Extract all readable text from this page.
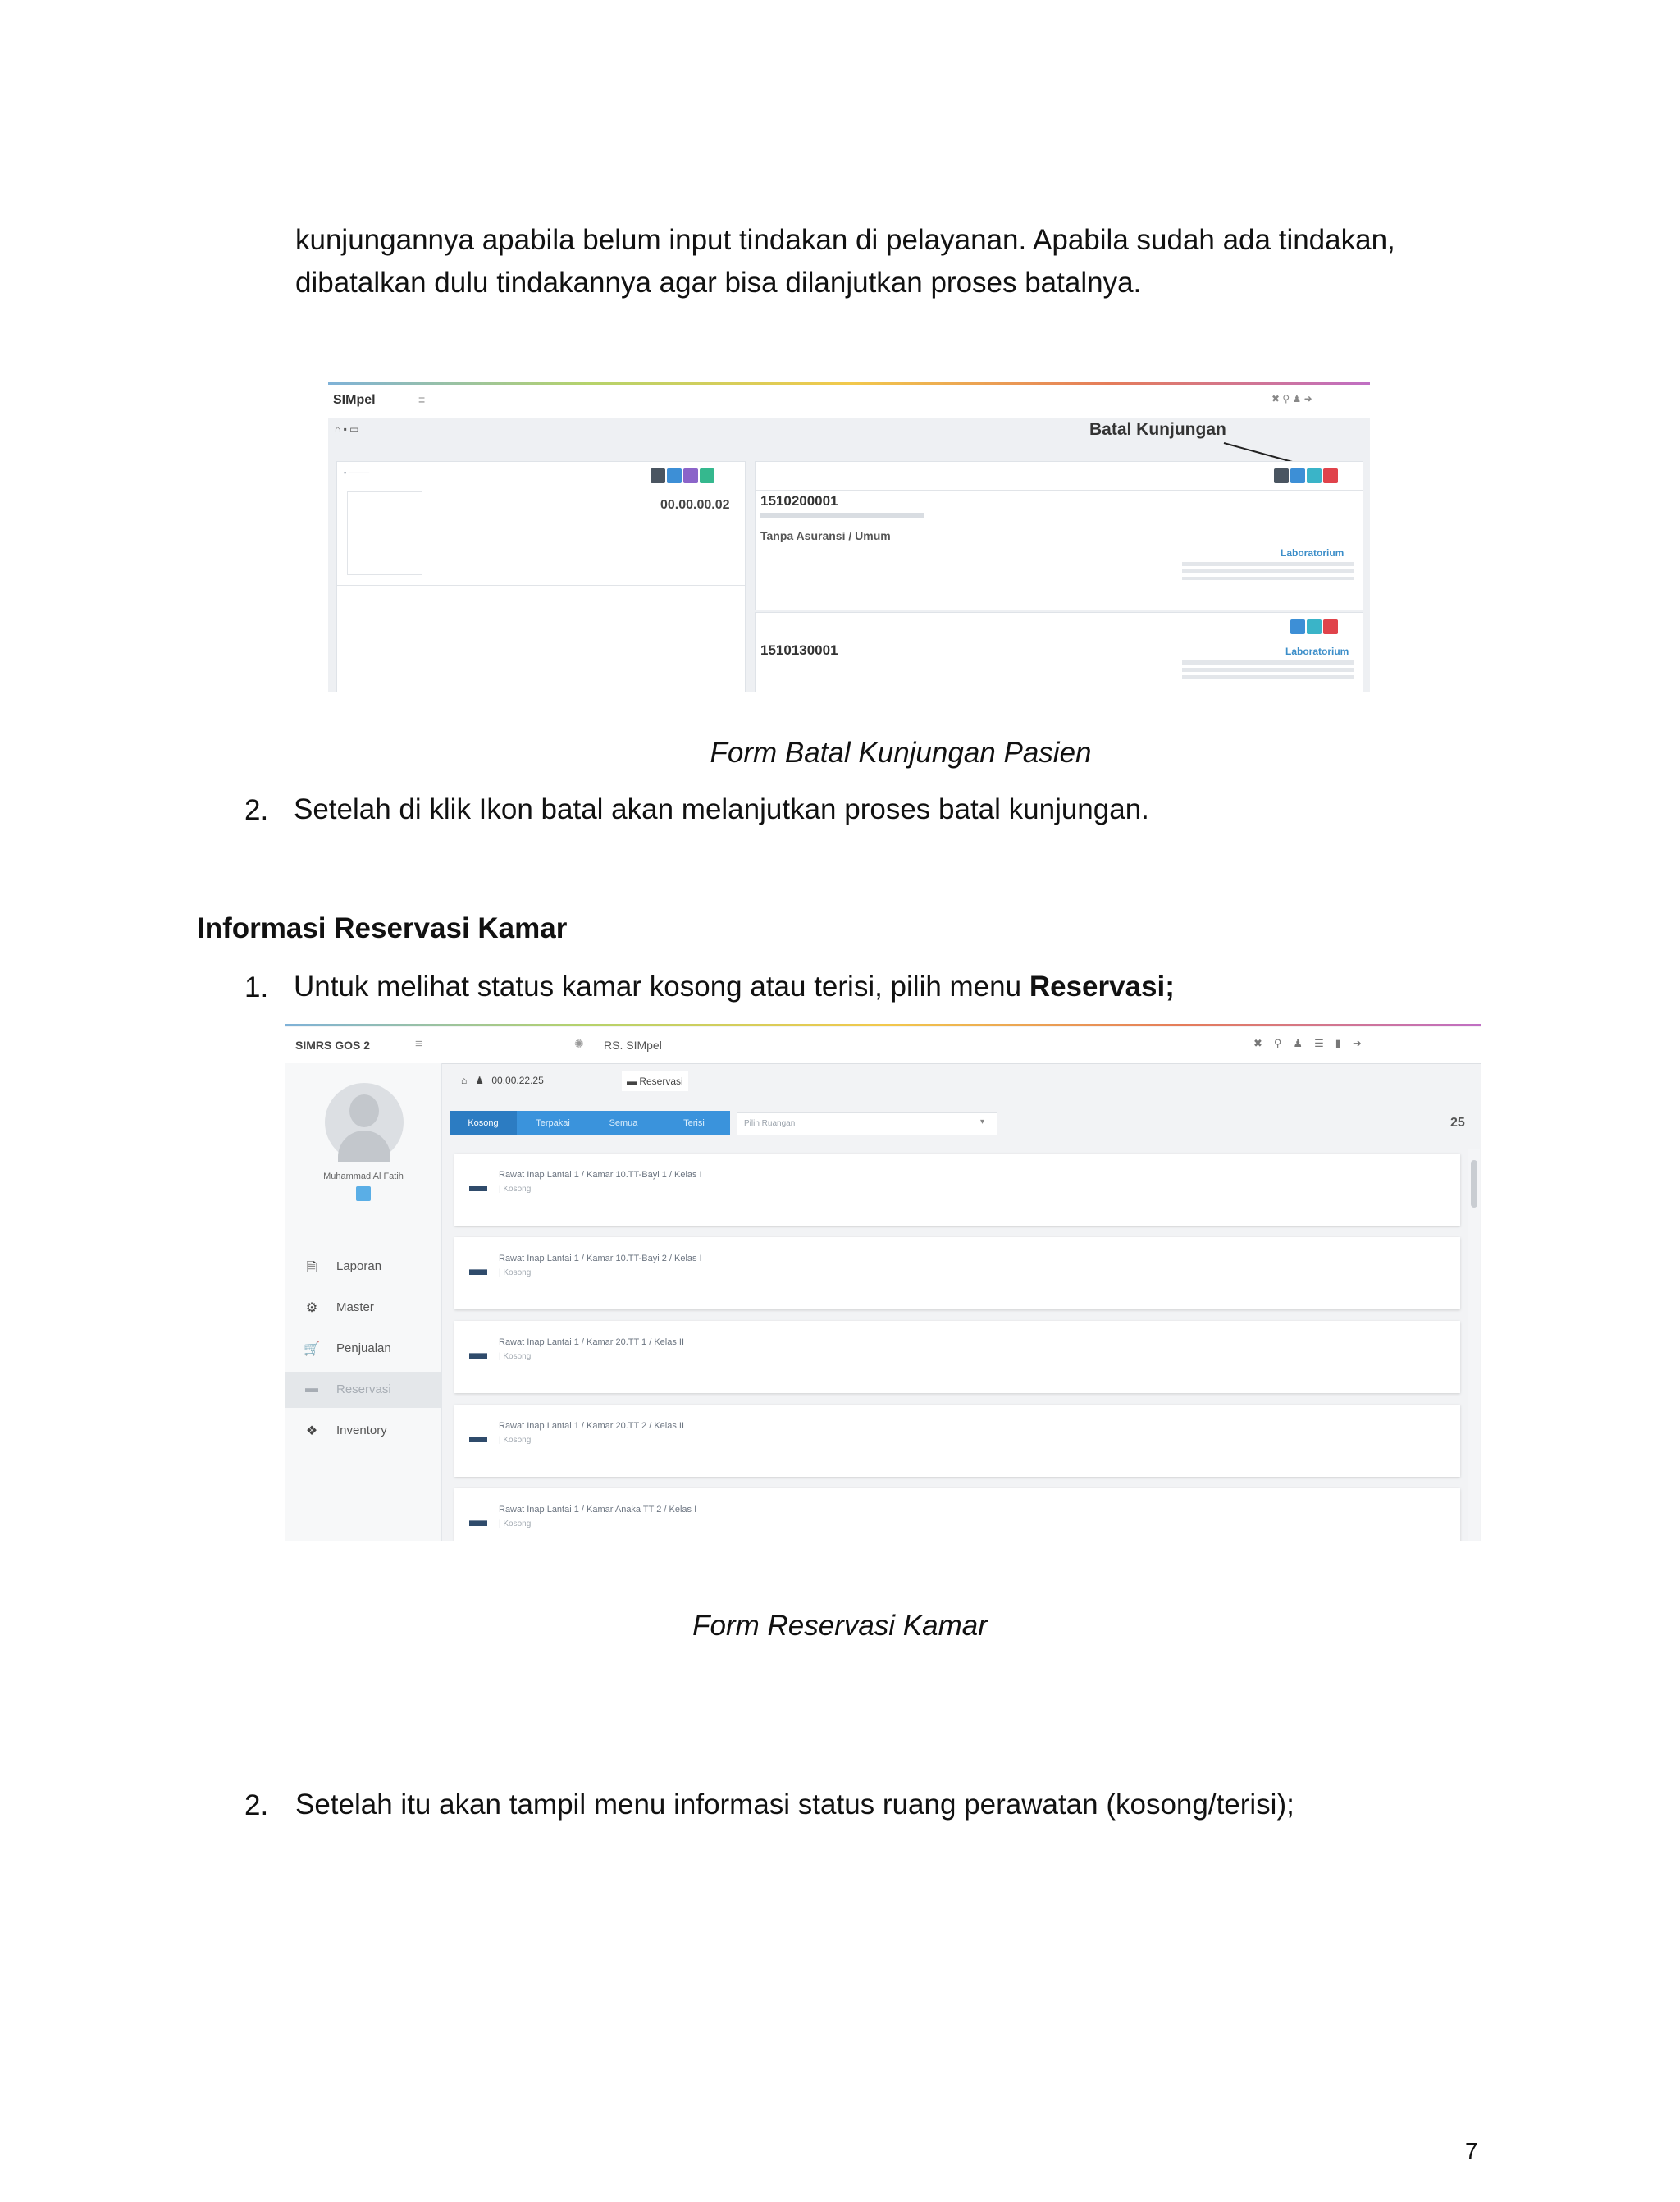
kunjungannya apabila belum input tindakan di pelayanan. Apabila sudah ada tindakan,
dibatalkan dulu tindakannya agar bisa dilanjutkan proses batalnya.
SIMpel	≡	✖ ⚲ ♟ ➜
⌂ ▪ ▭	Batal Kunjungan
▪ ────
00.00.00.02 1510200001
Tanpa Asuransi / Umum
Laboratorium
1510130001	Laboratorium
Form Batal Kunjungan Pasien
2. Setelah di klik Ikon batal akan melanjutkan proses batal kunjungan.
Informasi Reservasi Kamar
1. Untuk melihat status kamar kosong atau terisi, pilih menu Reservasi;
SIMRS GOS 2	≡	✺ RS. SIMpel	✖⚲♟☰▮➜
Muhammad Al Fatih
🗎 Laporan
⚙ Master
🛒 Penjualan
▬ Reservasi
❖ Inventory
⌂ ♟ 00.00.22.25	▬ Reservasi
Kosong	Terpakai	Semua	Terisi	Pilih Ruangan	▾	25
▬ Rawat Inap Lantai 1 / Kamar 10.TT-Bayi 1 / Kelas I
| Kosong
▬ Rawat Inap Lantai 1 / Kamar 10.TT-Bayi 2 / Kelas I
| Kosong
▬ Rawat Inap Lantai 1 / Kamar 20.TT 1 / Kelas II
| Kosong
▬ Rawat Inap Lantai 1 / Kamar 20.TT 2 / Kelas II
| Kosong
▬ Rawat Inap Lantai 1 / Kamar Anaka TT 2 / Kelas I
| Kosong
Form Reservasi Kamar
2. Setelah itu akan tampil menu informasi status ruang perawatan (kosong/terisi);
7
